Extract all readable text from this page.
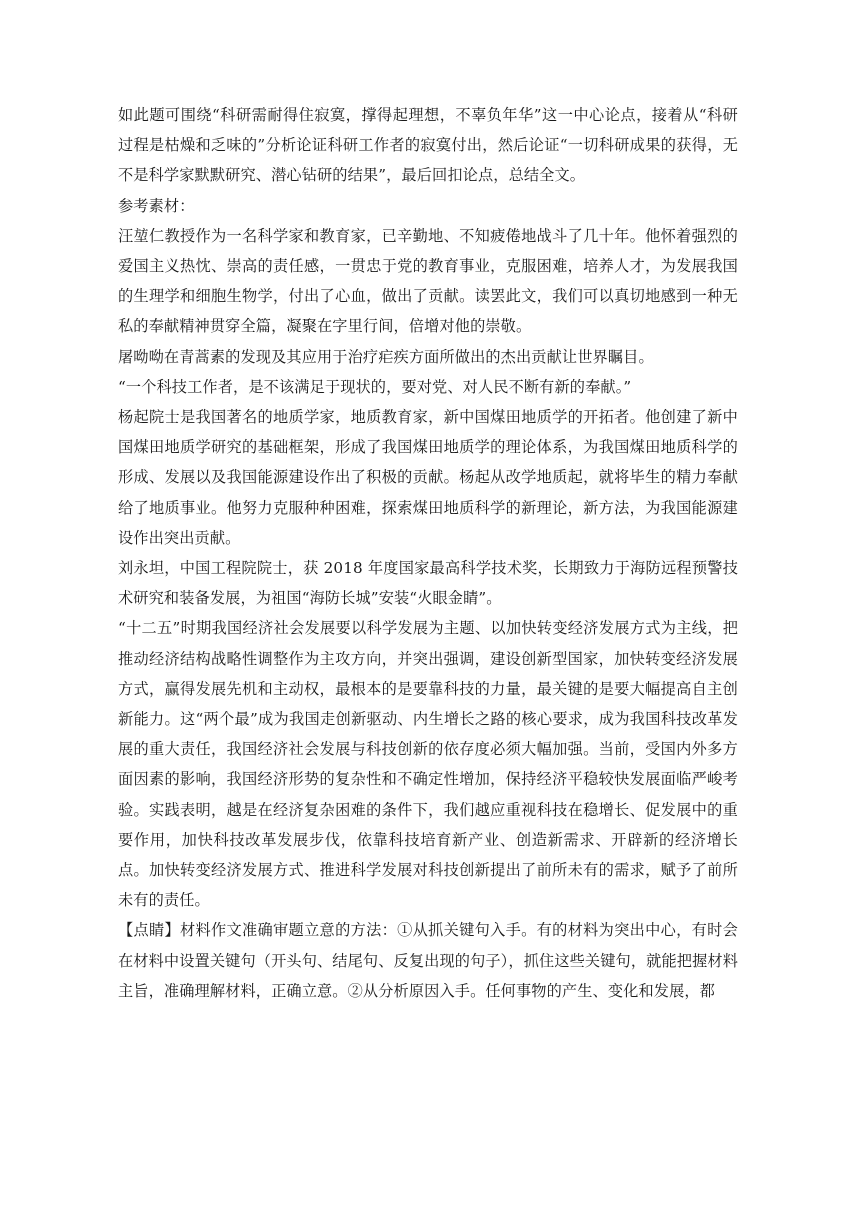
如此题可围绕“科研需耐得住寂寞，撑得起理想，不辜负年华”这一中心论点，接着从“科研过程是枯燥和乏味的”分析论证科研工作者的寂寞付出，然后论证“一切科研成果的获得，无不是科学家默默研究、潜心钻研的结果”，最后回扣论点，总结全文。

参考素材：

汪堃仁教授作为一名科学家和教育家，已辛勤地、不知疲倦地战斗了几十年。他怀着强烈的爱国主义热忱、崇高的责任感，一贯忠于党的教育事业，克服困难，培养人才，为发展我国的生理学和细胞生物学，付出了心血，做出了贡献。读罢此文，我们可以真切地感到一种无私的奉献精神贯穿全篇，凝聚在字里行间，倍增对他的崇敬。

屠呦呦在青蒿素的发现及其应用于治疗疟疾方面所做出的杰出贡献让世界瞩目。

“一个科技工作者，是不该满足于现状的，要对党、对人民不断有新的奉献。”

杨起院士是我国著名的地质学家，地质教育家，新中国煤田地质学的开拓者。他创建了新中国煤田地质学研究的基础框架，形成了我国煤田地质学的理论体系，为我国煤田地质科学的形成、发展以及我国能源建设作出了积极的贡献。杨起从改学地质起，就将毕生的精力奉献给了地质事业。他努力克服种种困难，探索煤田地质科学的新理论，新方法，为我国能源建设作出突出贡献。

刘永坦，中国工程院院士，获 2018 年度国家最高科学技术奖，长期致力于海防远程预警技术研究和装备发展，为祖国“海防长城”安装“火眼金睛”。

“十二五”时期我国经济社会发展要以科学发展为主题、以加快转变经济发展方式为主线，把推动经济结构战略性调整作为主攻方向，并突出强调，建设创新型国家，加快转变经济发展方式，赢得发展先机和主动权，最根本的是要靠科技的力量，最关键的是要大幅提高自主创新能力。这“两个最”成为我国走创新驱动、内生增长之路的核心要求，成为我国科技改革发展的重大责任，我国经济社会发展与科技创新的依存度必须大幅加强。当前，受国内外多方面因素的影响，我国经济形势的复杂性和不确定性增加，保持经济平稳较快发展面临严峻考验。实践表明，越是在经济复杂困难的条件下，我们越应重视科技在稳增长、促发展中的重要作用，加快科技改革发展步伐，依靠科技培育新产业、创造新需求、开辟新的经济增长点。加快转变经济发展方式、推进科学发展对科技创新提出了前所未有的需求，赋予了前所未有的责任。

【点睛】材料作文准确审题立意的方法：①从抓关键句入手。有的材料为突出中心，有时会在材料中设置关键句（开头句、结尾句、反复出现的句子），抓住这些关键句，就能把握材料主旨，准确理解材料，正确立意。②从分析原因入手。任何事物的产生、变化和发展，都
